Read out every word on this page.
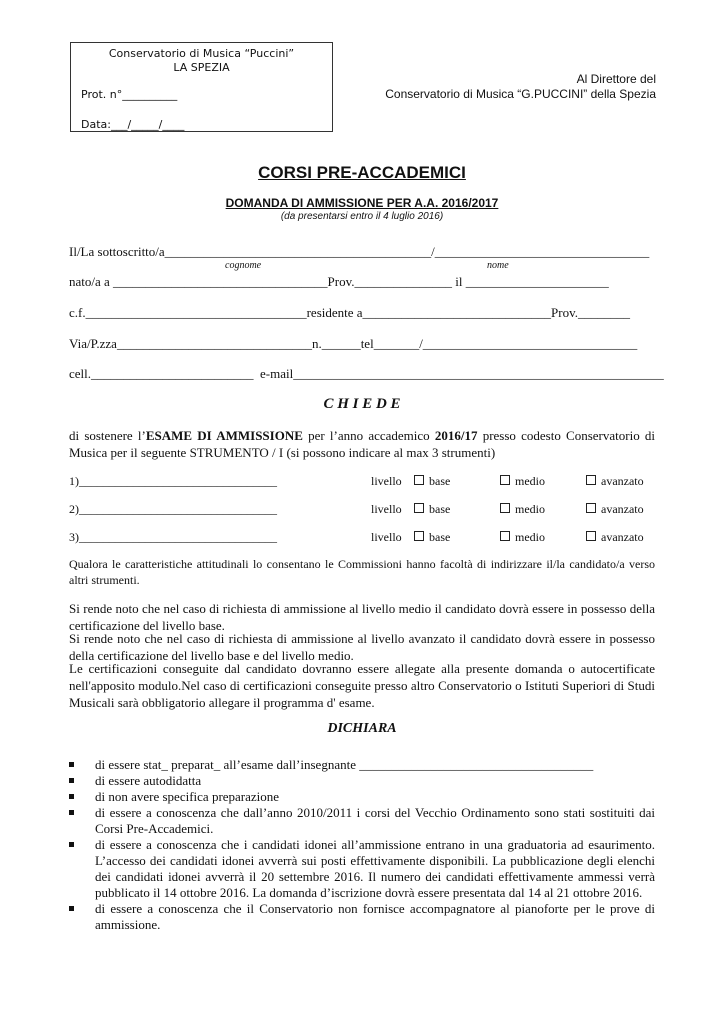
Conservatorio di Musica “Puccini”
LA SPEZIA
Prot. n°__________
Data:___/_____/____
Al Direttore del
Conservatorio di Musica “G.PUCCINI” della Spezia
CORSI PRE-ACCADEMICI
DOMANDA DI AMMISSIONE PER A.A. 2016/2017
(da presentarsi entro il 4 luglio 2016)
Il/La sottoscritto/a_________________________________________/_________________________________
cognome	nome
nato/a a _________________________________Prov._______________ il ______________________
c.f.__________________________________residente a_____________________________Prov.________
Via/P.zza______________________________n.______tel_______/_________________________________
cell._________________________  e-mail_________________________________________________________
C H I E D E
di sostenere l’ESAME DI AMMISSIONE per l’anno accademico 2016/17 presso codesto Conservatorio di Musica per il seguente STRUMENTO / I (si possono indicare al max 3 strumenti)
1)_________________________________	livello	base	medio	avanzato
2)_________________________________	livello	base	medio	avanzato
3)_________________________________	livello	base	medio	avanzato
Qualora le caratteristiche attitudinali lo consentano le Commissioni hanno facoltà di indirizzare il/la candidato/a verso altri strumenti.
Si rende noto che nel caso di richiesta di ammissione al livello medio il candidato dovrà essere in possesso della certificazione del livello base.
Si rende noto che nel caso di richiesta di ammissione al livello avanzato il candidato dovrà essere in possesso della certificazione del livello base e del livello medio.
Le certificazioni conseguite dal candidato dovranno essere allegate alla presente domanda o autocertificate nell'apposito modulo.Nel caso di certificazioni conseguite presso altro Conservatorio o Istituti Superiori di Studi Musicali sarà obbligatorio allegare il programma d' esame.
DICHIARA
di essere stat_ preparat_ all’esame dall’insegnante ____________________________________
di essere autodidatta
di non avere specifica preparazione
di essere a conoscenza che dall’anno 2010/2011 i corsi del Vecchio Ordinamento sono stati sostituiti dai Corsi Pre-Accademici.
di essere a conoscenza che i candidati idonei all’ammissione entrano in una graduatoria ad esaurimento. L’accesso dei candidati idonei avverrà sui posti effettivamente disponibili. La pubblicazione degli elenchi dei candidati idonei avverrà il 20 settembre 2016. Il numero dei candidati effettivamente ammessi verrà pubblicato il 14 ottobre 2016. La domanda d’iscrizione dovrà essere presentata dal 14 al 21 ottobre 2016.
di essere a conoscenza che il Conservatorio non fornisce accompagnatore al pianoforte per le prove di ammissione.
